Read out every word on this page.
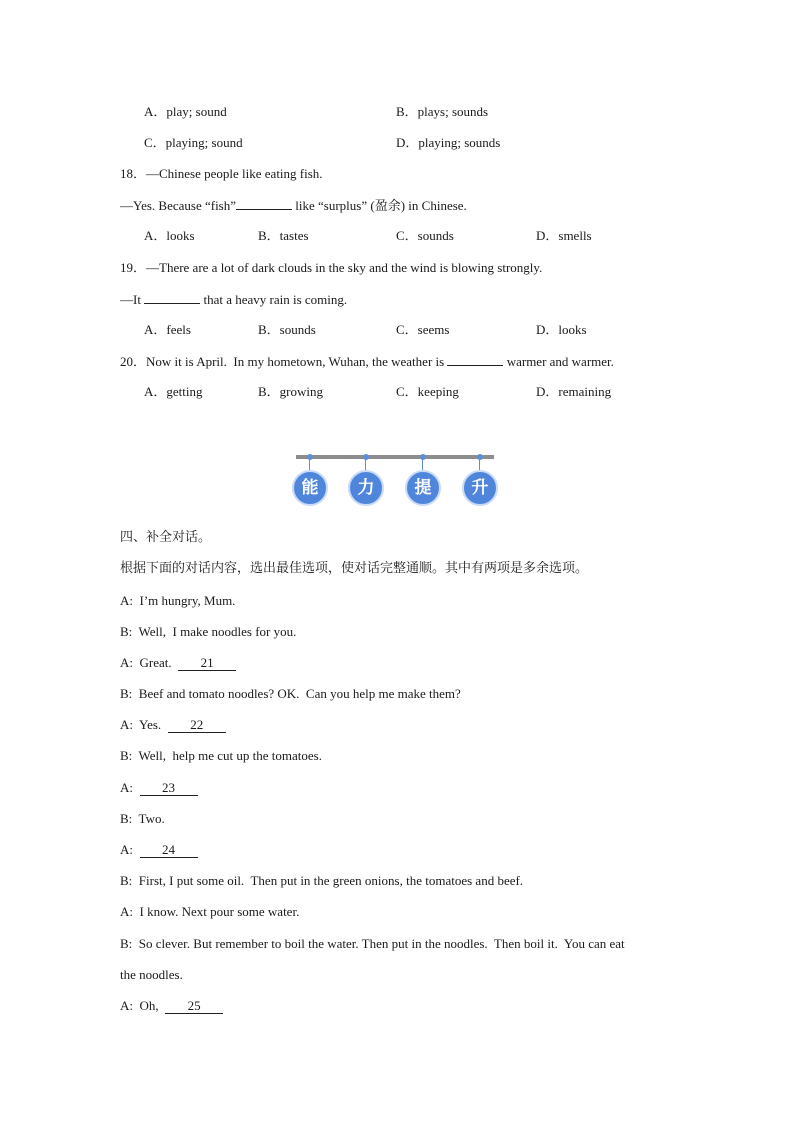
A．play; sound	B．plays; sounds
C．playing; sound	D．playing; sounds
18．—Chinese people like eating fish.
—Yes. Because “fish”	like “surplus” (盈余) in Chinese.
A．looks	B．tastes	C．sounds	D．smells
19．—There are a lot of dark clouds in the sky and the wind is blowing strongly.
—It	that a heavy rain is coming.
A．feels	B．sounds	C．seems	D．looks
20．Now it is April.  In my hometown, Wuhan, the weather is	warmer and warmer.
A．getting	B．growing	C．keeping	D．remaining
能	力	提	升
四、补全对话。
根据下面的对话内容，选出最佳选项，使对话完整通顺。其中有两项是多余选项。
A:  I’m hungry, Mum.
B:  Well,  I make noodles for you.
A:  Great.  21
B:  Beef and tomato noodles? OK.  Can you help me make them?
A:  Yes.  22
B:  Well,  help me cut up the tomatoes.
A:  23
B:  Two.
A:  24
B:  First, I put some oil.  Then put in the green onions, the tomatoes and beef.
A:  I know. Next pour some water.
B:  So clever. But remember to boil the water. Then put in the noodles.  Then boil it.  You can eat
the noodles.
A:  Oh,  25
